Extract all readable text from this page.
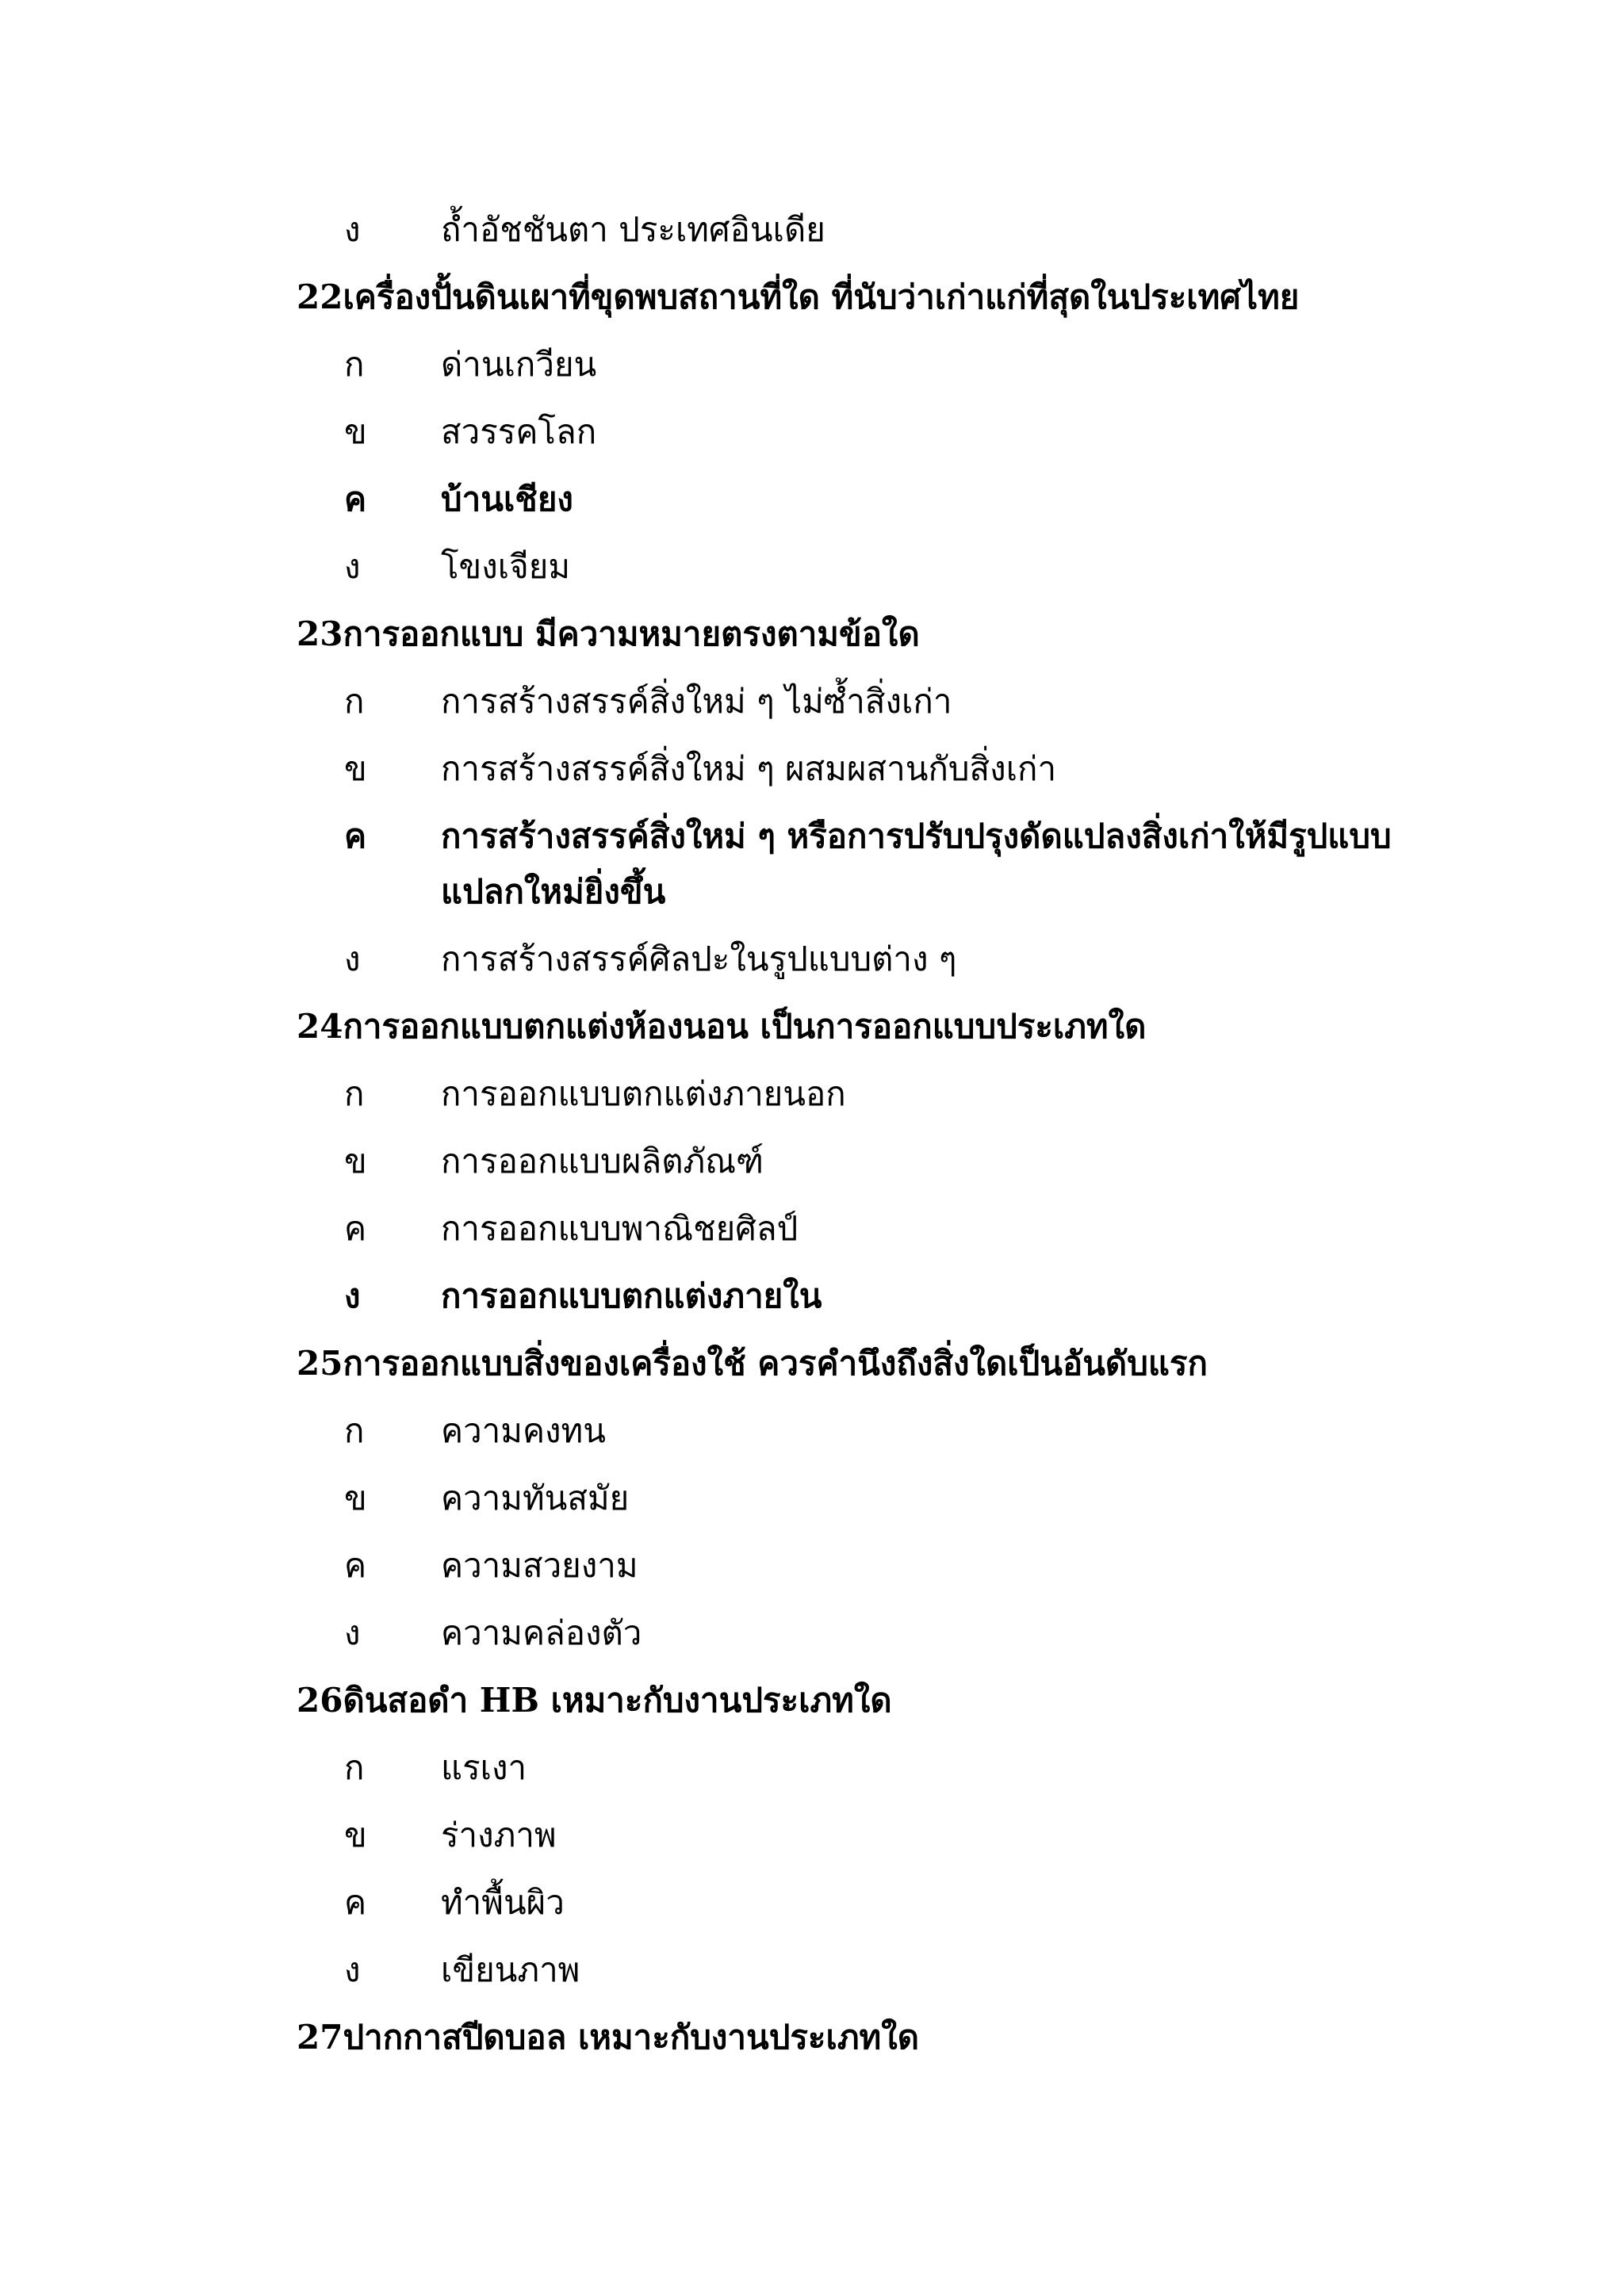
ง	ถ้ำอัชชันตา ประเทศอินเดีย
22เครื่องปั้นดินเผาที่ขุดพบสถานที่ใด ที่นับว่าเก่าแก่ที่สุดในประเทศไทย
ก	ด่านเกวียน
ข	สวรรคโลก
ค	บ้านเชียง
ง	โขงเจียม
23การออกแบบ มีความหมายตรงตามข้อใด
ก	การสร้างสรรค์สิ่งใหม่ ๆ ไม่ซ้ำสิ่งเก่า
ข	การสร้างสรรค์สิ่งใหม่ ๆ ผสมผสานกับสิ่งเก่า
ค	การสร้างสรรค์สิ่งใหม่ ๆ หรือการปรับปรุงดัดแปลงสิ่งเก่าให้มีรูปแบบ
แปลกใหม่ยิ่งขึ้น
ง	การสร้างสรรค์ศิลปะในรูปแบบต่าง ๆ
24การออกแบบตกแต่งห้องนอน เป็นการออกแบบประเภทใด
ก	การออกแบบตกแต่งภายนอก
ข	การออกแบบผลิตภัณฑ์
ค	การออกแบบพาณิชยศิลป์
ง	การออกแบบตกแต่งภายใน
25การออกแบบสิ่งของเครื่องใช้ ควรคำนึงถึงสิ่งใดเป็นอันดับแรก
ก	ความคงทน
ข	ความทันสมัย
ค	ความสวยงาม
ง	ความคล่องตัว
26ดินสอดำ HB เหมาะกับงานประเภทใด
ก	แรเงา
ข	ร่างภาพ
ค	ทำพื้นผิว
ง	เขียนภาพ
27ปากกาสปีดบอล เหมาะกับงานประเภทใด
